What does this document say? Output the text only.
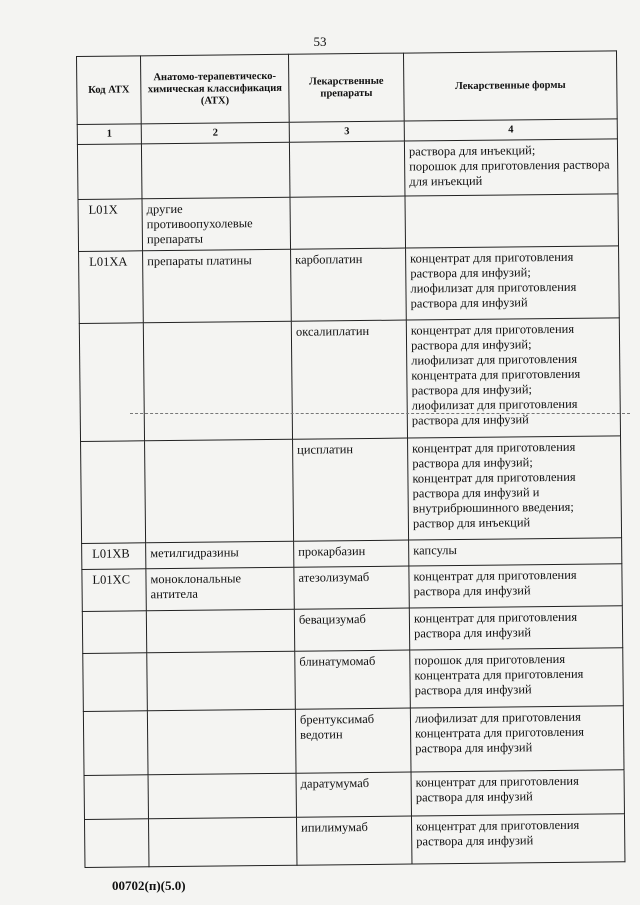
53
Код АТХ	Анатомо-терапевтическо-химическая классификация (АТХ)	Лекарственные препараты	Лекарственные формы
1	2	3	4
			раствора для инъекций;
порошок для приготовления раствора для инъекций
L01X	другие противоопухолевые препараты		
L01XA	препараты платины	карбоплатин	концентрат для приготовления раствора для инфузий;
лиофилизат для приготовления раствора для инфузий
		оксалиплатин	концентрат для приготовления раствора для инфузий;
лиофилизат для приготовления концентрата для приготовления раствора для инфузий;
лиофилизат для приготовления раствора для инфузий
		цисплатин	концентрат для приготовления раствора для инфузий;
концентрат для приготовления раствора для инфузий и внутрибрюшинного введения;
раствор для инъекций
L01XB	метилгидразины	прокарбазин	капсулы
L01XC	моноклональные антитела	атезолизумаб	концентрат для приготовления раствора для инфузий
		бевацизумаб	концентрат для приготовления раствора для инфузий
		блинатумомаб	порошок для приготовления концентрата для приготовления раствора для инфузий
		брентуксимаб ведотин	лиофилизат для приготовления концентрата для приготовления раствора для инфузий
		даратумумаб	концентрат для приготовления раствора для инфузий
		ипилимумаб	концентрат для приготовления раствора для инфузий
00702(п)(5.0)
